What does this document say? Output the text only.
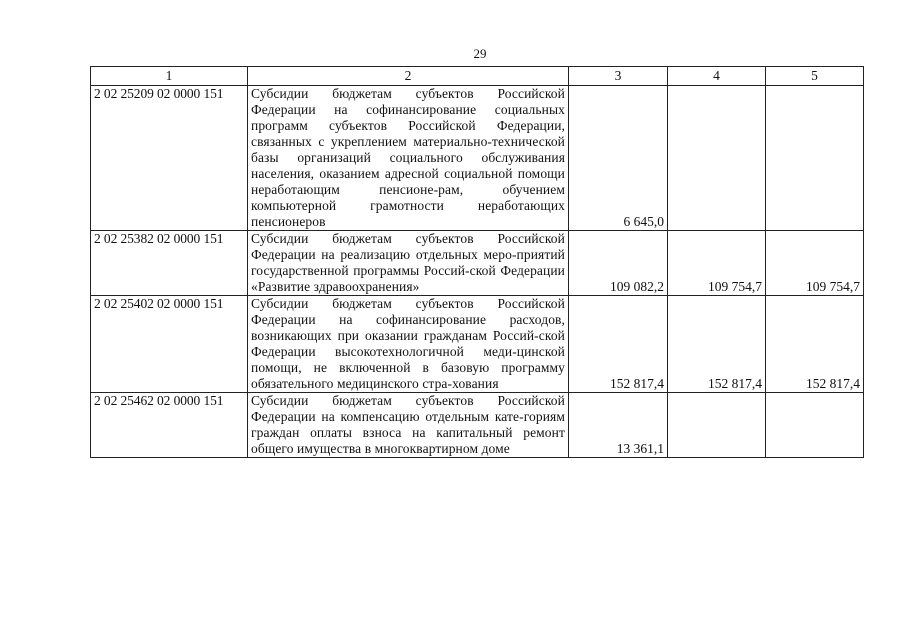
29
1	2	3	4	5
2 02 25209 02 0000 151	Субсидии бюджетам субъектов Российской Федерации на софинансирование социальных программ субъектов Российской Федерации, связанных с укреплением материально-технической базы организаций социального обслуживания населения, оказанием адресной социальной помощи неработающим пенсионе-рам, обучением компьютерной грамотности неработающих пенсионеров	6 645,0		
2 02 25382 02 0000 151	Субсидии бюджетам субъектов Российской Федерации на реализацию отдельных меро-приятий государственной программы Россий-ской Федерации «Развитие здравоохранения»	109 082,2	109 754,7	109 754,7
2 02 25402 02 0000 151	Субсидии бюджетам субъектов Российской Федерации на софинансирование расходов, возникающих при оказании гражданам Россий-ской Федерации высокотехнологичной меди-цинской помощи, не включенной в базовую программу обязательного медицинского стра-хования	152 817,4	152 817,4	152 817,4
2 02 25462 02 0000 151	Субсидии бюджетам субъектов Российской Федерации на компенсацию отдельным кате-гориям граждан оплаты взноса на капитальный ремонт общего имущества в многоквартирном доме	13 361,1		
